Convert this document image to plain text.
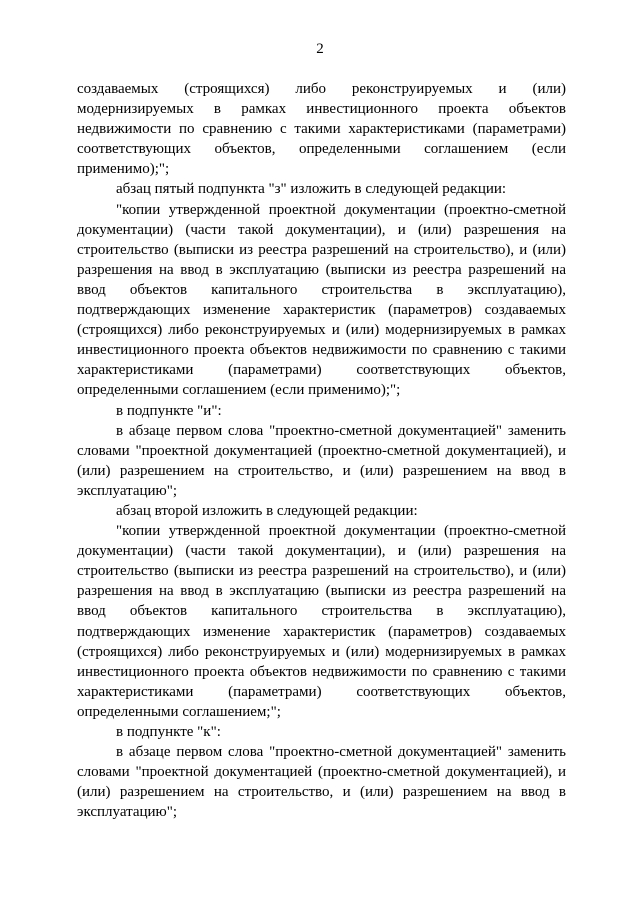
2

создаваемых (строящихся) либо реконструируемых и (или) модернизируемых в рамках инвестиционного проекта объектов недвижимости по сравнению с такими характеристиками (параметрами) соответствующих объектов, определенными соглашением (если применимо);";

абзац пятый подпункта "з" изложить в следующей редакции:

"копии утвержденной проектной документации (проектно-сметной документации) (части такой документации), и (или) разрешения на строительство (выписки из реестра разрешений на строительство), и (или) разрешения на ввод в эксплуатацию (выписки из реестра разрешений на ввод объектов капитального строительства в эксплуатацию), подтверждающих изменение характеристик (параметров) создаваемых (строящихся) либо реконструируемых и (или) модернизируемых в рамках инвестиционного проекта объектов недвижимости по сравнению с такими характеристиками (параметрами) соответствующих объектов, определенными соглашением (если применимо);";

в подпункте "и":

в абзаце первом слова "проектно-сметной документацией" заменить словами "проектной документацией (проектно-сметной документацией), и (или) разрешением на строительство, и (или) разрешением на ввод в эксплуатацию";

абзац второй изложить в следующей редакции:

"копии утвержденной проектной документации (проектно-сметной документации) (части такой документации), и (или) разрешения на строительство (выписки из реестра разрешений на строительство), и (или) разрешения на ввод в эксплуатацию (выписки из реестра разрешений на ввод объектов капитального строительства в эксплуатацию), подтверждающих изменение характеристик (параметров) создаваемых (строящихся) либо реконструируемых и (или) модернизируемых в рамках инвестиционного проекта объектов недвижимости по сравнению с такими характеристиками (параметрами) соответствующих объектов, определенными соглашением;";

в подпункте "к":

в абзаце первом слова "проектно-сметной документацией" заменить словами "проектной документацией (проектно-сметной документацией), и (или) разрешением на строительство, и (или) разрешением на ввод в эксплуатацию";
